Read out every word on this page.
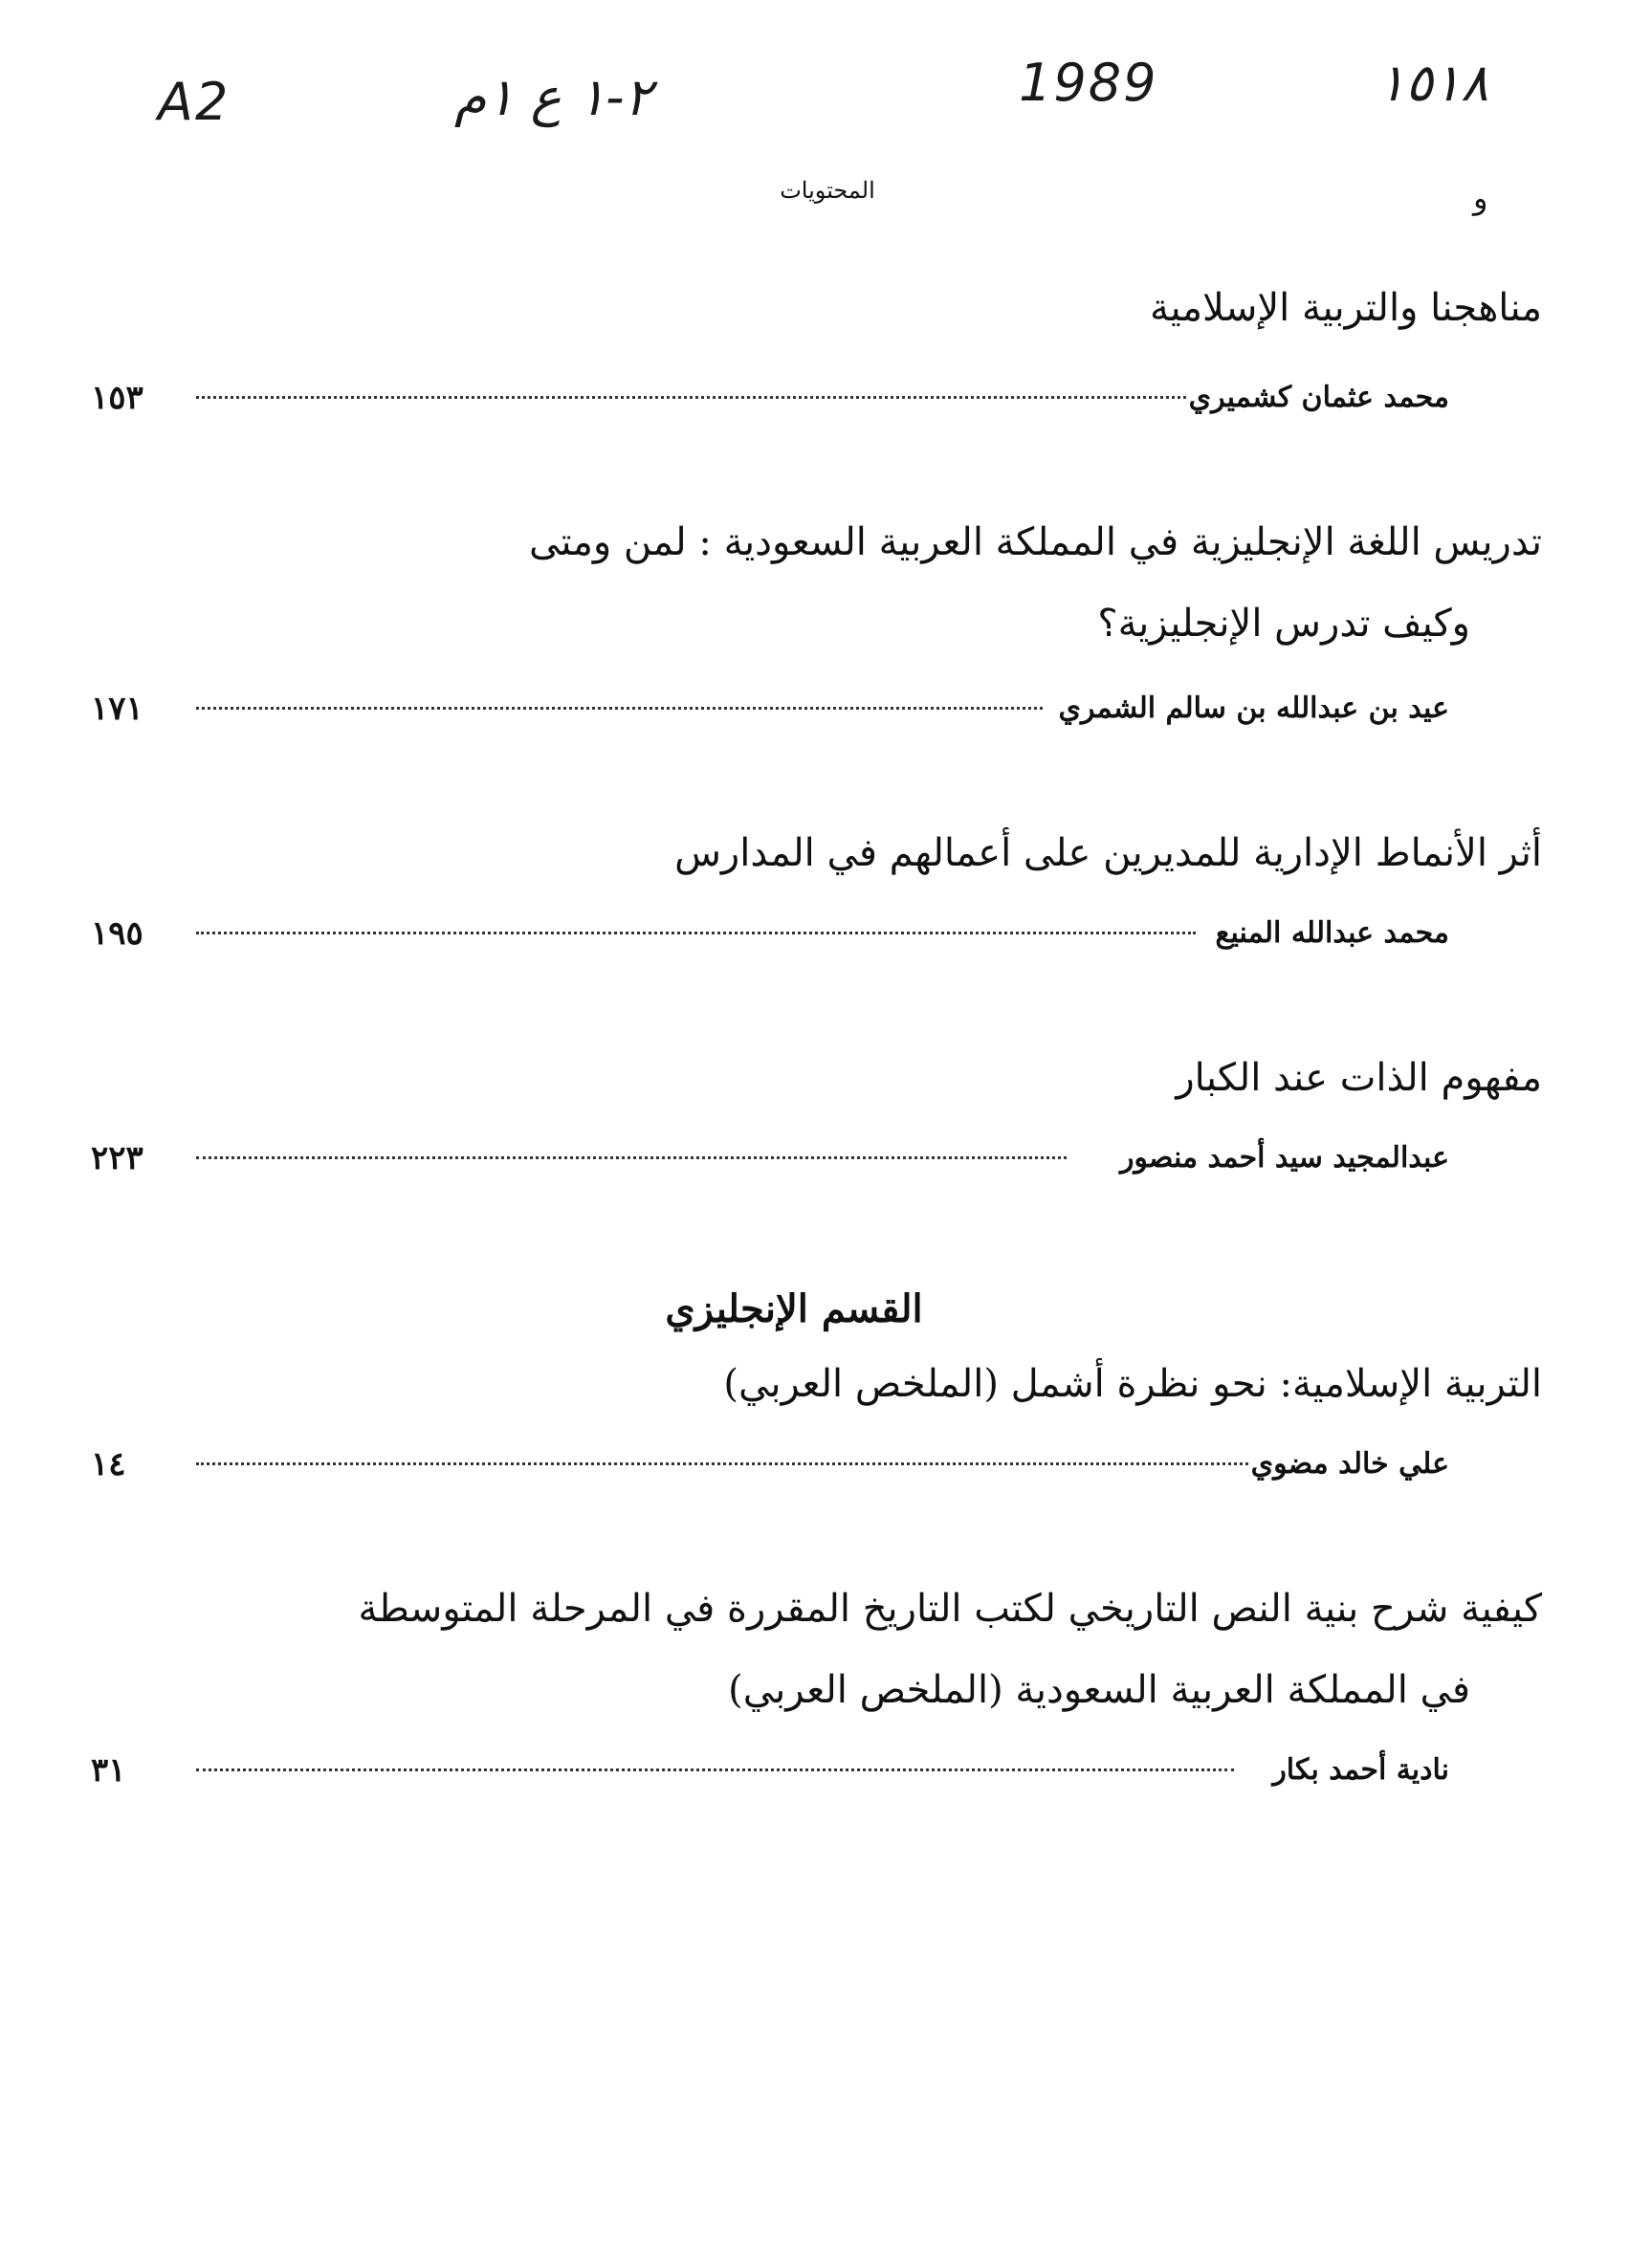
A2	٢-١ ع ١م	1989	١٥١٨
المحتويات	و
مناهجنا والتربية الإسلامية
١٥٣	محمد عثمان كشميري
تدريس اللغة الإنجليزية في المملكة العربية السعودية : لمن ومتى
وكيف تدرس الإنجليزية؟
١٧١	عيد بن عبدالله بن سالم الشمري
أثر الأنماط الإدارية للمديرين على أعمالهم في المدارس
١٩٥	محمد عبدالله المنيع
مفهوم الذات عند الكبار
٢٢٣	عبدالمجيد سيد أحمد منصور
القسم الإنجليزي
التربية الإسلامية: نحو نظرة أشمل (الملخص العربي)
١٤	علي خالد مضوي
كيفية شرح بنية النص التاريخي لكتب التاريخ المقررة في المرحلة المتوسطة
في المملكة العربية السعودية (الملخص العربي)
٣١	نادية أحمد بكار
